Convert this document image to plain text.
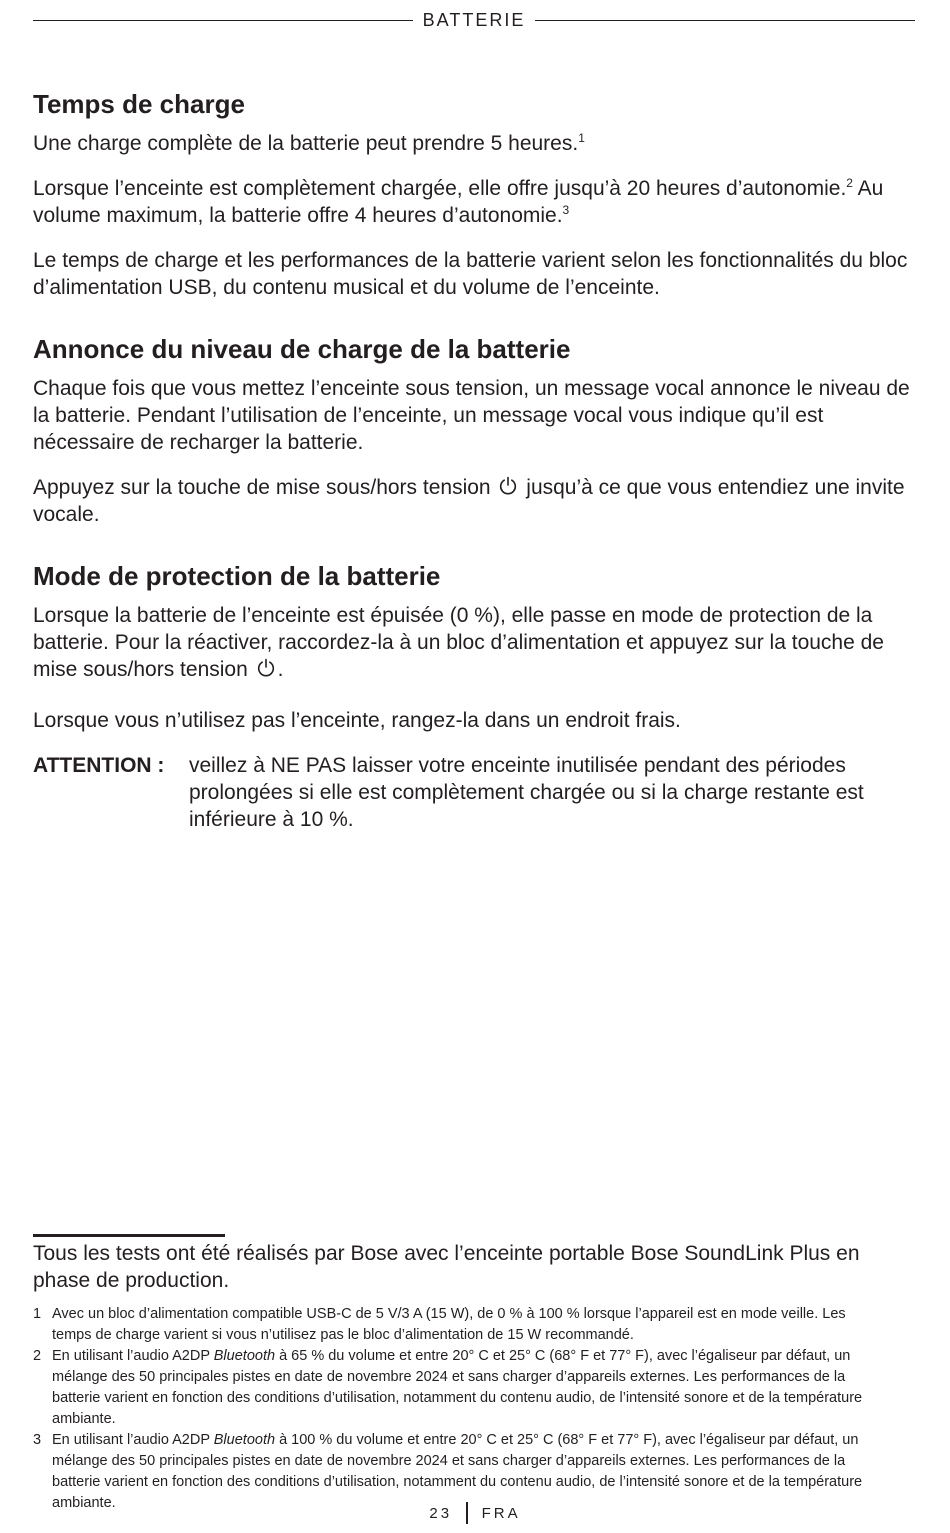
BATTERIE
Temps de charge

Une charge complète de la batterie peut prendre 5 heures.$^1$

Lorsque l’enceinte est complètement chargée, elle offre jusqu’à 20 heures d’autonomie.$^2$ Au volume maximum, la batterie offre 4 heures d’autonomie.$^3$

Le temps de charge et les performances de la batterie varient selon les fonctionnalités du bloc d’alimentation USB, du contenu musical et du volume de l’enceinte.

Annonce du niveau de charge de la batterie

Chaque fois que vous mettez l’enceinte sous tension, un message vocal annonce le niveau de la batterie. Pendant l’utilisation de l’enceinte, un message vocal vous indique qu’il est nécessaire de recharger la batterie.

Appuyez sur la touche de mise sous/hors tension  jusqu’à ce que vous entendiez une invite vocale.

Mode de protection de la batterie

Lorsque la batterie de l’enceinte est épuisée (0 %), elle passe en mode de protection de la batterie. Pour la réactiver, raccordez-la à un bloc d’alimentation et appuyez sur la touche de mise sous/hors tension .

Lorsque vous n’utilisez pas l’enceinte, rangez-la dans un endroit frais.

ATTENTION :	veillez à NE PAS laisser votre enceinte inutilisée pendant des périodes prolongées si elle est complètement chargée ou si la charge restante est inférieure à 10 %.

Tous les tests ont été réalisés par Bose avec l’enceinte portable Bose SoundLink Plus en phase de production.

1 Avec un bloc d’alimentation compatible USB-C de 5 V/3 A (15 W), de 0 % à 100 % lorsque l’appareil est en mode veille. Les temps de charge varient si vous n’utilisez pas le bloc d’alimentation de 15 W recommandé.
2 En utilisant l’audio A2DP Bluetooth à 65 % du volume et entre 20° C et 25° C (68° F et 77° F), avec l’égaliseur par défaut, un mélange des 50 principales pistes en date de novembre 2024 et sans charger d’appareils externes. Les performances de la batterie varient en fonction des conditions d’utilisation, notamment du contenu audio, de l’intensité sonore et de la température ambiante.
3 En utilisant l’audio A2DP Bluetooth à 100 % du volume et entre 20° C et 25° C (68° F et 77° F), avec l’égaliseur par défaut, un mélange des 50 principales pistes en date de novembre 2024 et sans charger d’appareils externes. Les performances de la batterie varient en fonction des conditions d’utilisation, notamment du contenu audio, de l’intensité sonore et de la température ambiante.
23 FRA
